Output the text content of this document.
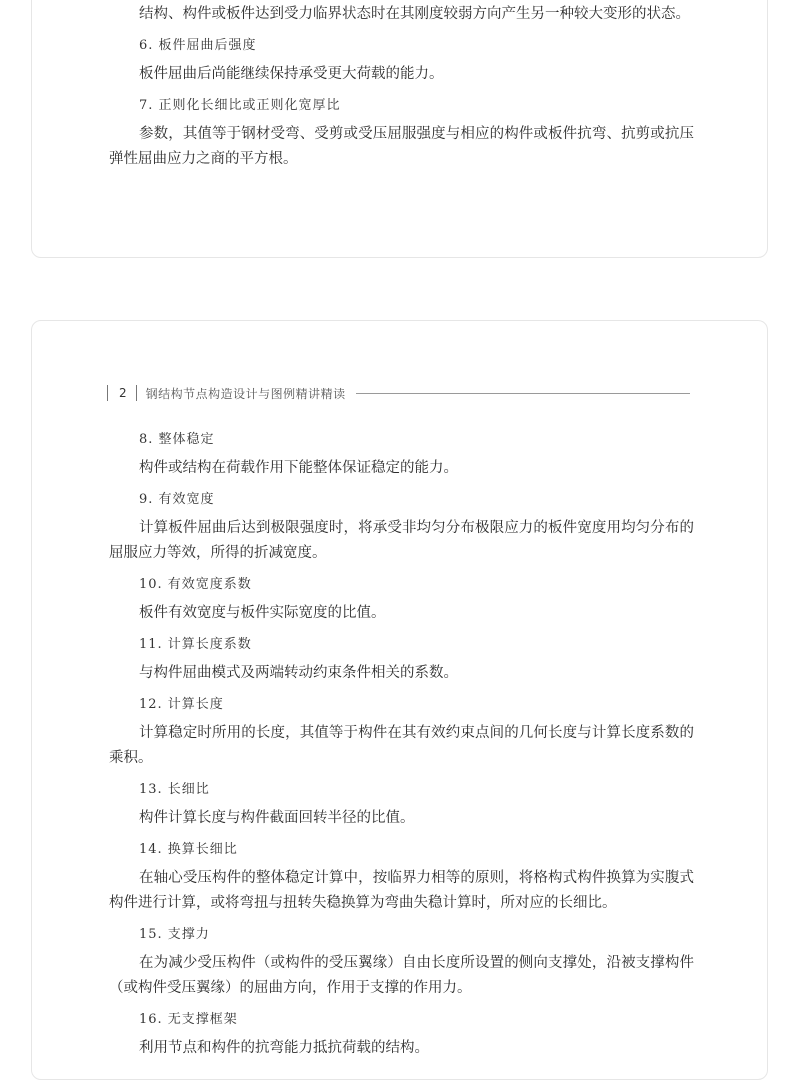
结构、构件或板件达到受力临界状态时在其刚度较弱方向产生另一种较大变形的状态。

6. 板件屈曲后强度

板件屈曲后尚能继续保持承受更大荷载的能力。

7. 正则化长细比或正则化宽厚比

参数，其值等于钢材受弯、受剪或受压屈服强度与相应的构件或板件抗弯、抗剪或抗压弹性屈曲应力之商的平方根。

2	钢结构节点构造设计与图例精讲精读

8. 整体稳定

构件或结构在荷载作用下能整体保证稳定的能力。

9. 有效宽度

计算板件屈曲后达到极限强度时，将承受非均匀分布极限应力的板件宽度用均匀分布的屈服应力等效，所得的折减宽度。

10. 有效宽度系数

板件有效宽度与板件实际宽度的比值。

11. 计算长度系数

与构件屈曲模式及两端转动约束条件相关的系数。

12. 计算长度

计算稳定时所用的长度，其值等于构件在其有效约束点间的几何长度与计算长度系数的乘积。

13. 长细比

构件计算长度与构件截面回转半径的比值。

14. 换算长细比

在轴心受压构件的整体稳定计算中，按临界力相等的原则，将格构式构件换算为实腹式构件进行计算，或将弯扭与扭转失稳换算为弯曲失稳计算时，所对应的长细比。

15. 支撑力

在为减少受压构件（或构件的受压翼缘）自由长度所设置的侧向支撑处，沿被支撑构件（或构件受压翼缘）的屈曲方向，作用于支撑的作用力。

16. 无支撑框架

利用节点和构件的抗弯能力抵抗荷载的结构。
